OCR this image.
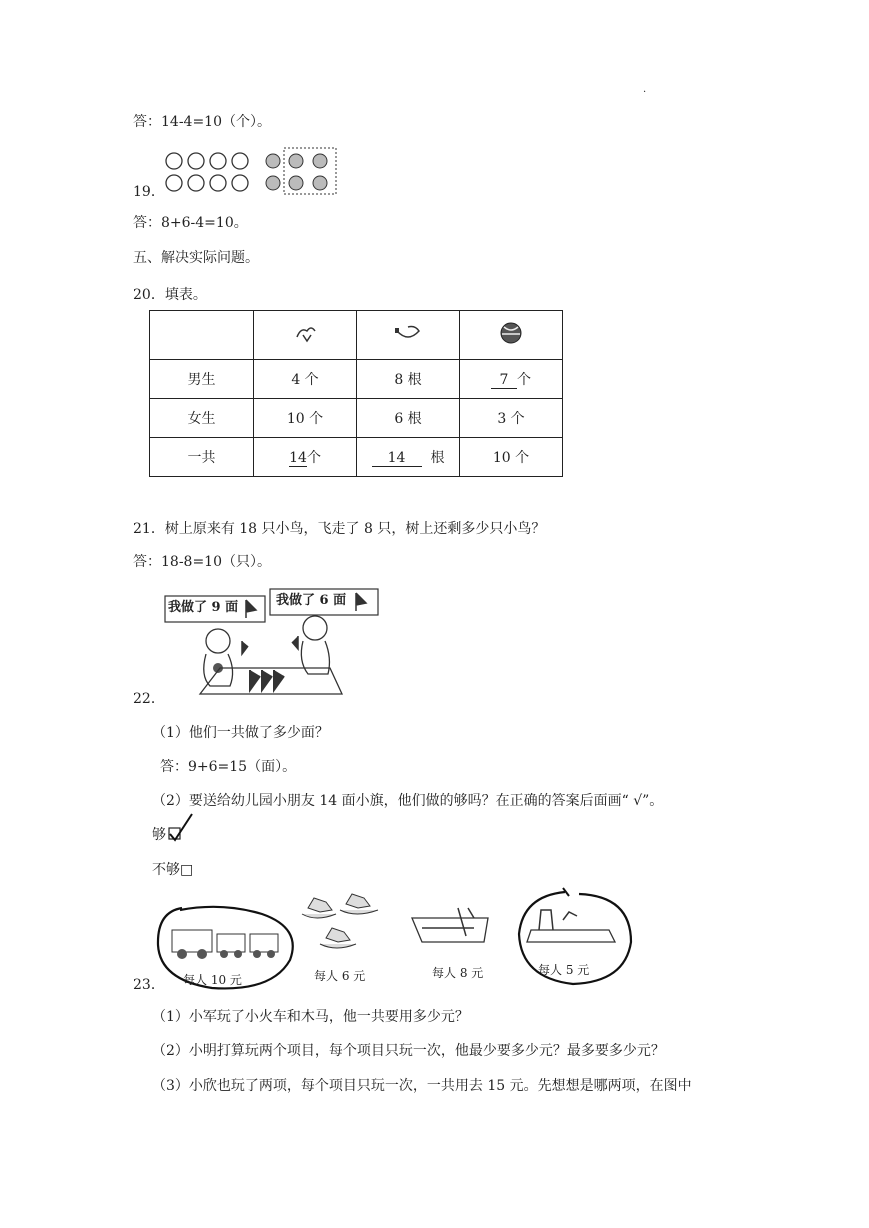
.
答：14-4=10（个）。
19．
答：8+6-4=10。
五、解决实际问题。
20．填表。

男生	4 个	8 根	7 个
女生	10 个	6 根	3 个
一共	14个	14 根	10 个
21．树上原来有 18 只小鸟，飞走了 8 只，树上还剩多少只小鸟？
答：18-8=10（只）。
我做了 9 面	我做了 6 面
22．
（1）他们一共做了多少面？
答：9+6=15（面）。
（2）要送给幼儿园小朋友 14 面小旗，他们做的够吗？在正确的答案后面画“ √”。
够
不够□
每人 10 元	每人 6 元	每人 8 元	每人 5 元
23．
（1）小军玩了小火车和木马，他一共要用多少元？
（2）小明打算玩两个项目，每个项目只玩一次，他最少要多少元？最多要多少元？
（3）小欣也玩了两项，每个项目只玩一次，一共用去 15 元。先想想是哪两项，在图中
